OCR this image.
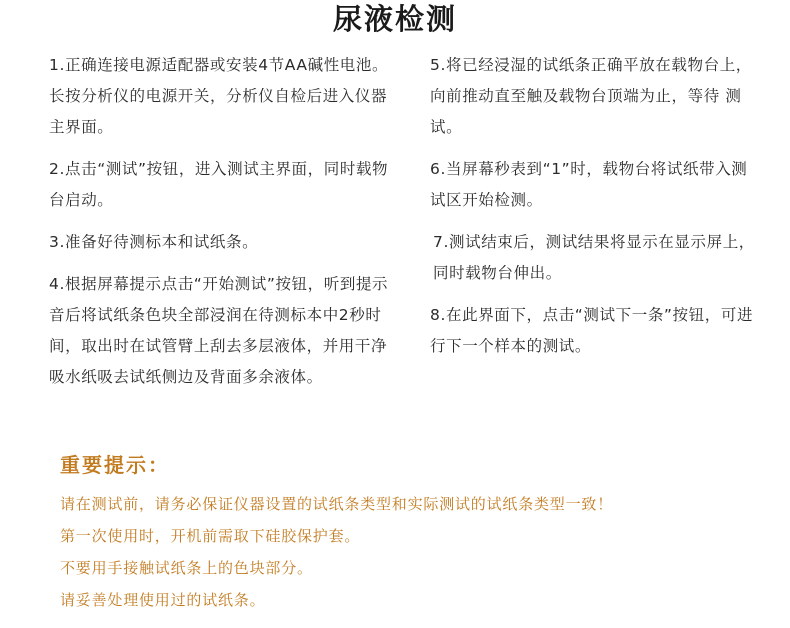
尿液检测

1.正确连接电源适配器或安装4节AA碱性电池。长按分析仪的电源开关，分析仪自检后进入仪器主界面。

2.点击“测试”按钮，进入测试主界面，同时载物台启动。

3.准备好待测标本和试纸条。

4.根据屏幕提示点击“开始测试”按钮，听到提示音后将试纸条色块全部浸润在待测标本中2秒时间，取出时在试管臂上刮去多层液体，并用干净吸水纸吸去试纸侧边及背面多余液体。

5.将已经浸湿的试纸条正确平放在载物台上，向前推动直至触及载物台顶端为止，等待 测试。

6.当屏幕秒表到“1”时，载物台将试纸带入测试区开始检测。

7.测试结束后，测试结果将显示在显示屏上，同时载物台伸出。

8.在此界面下，点击“测试下一条”按钮，可进行下一个样本的测试。

重要提示：

请在测试前，请务必保证仪器设置的试纸条类型和实际测试的试纸条类型一致！

第一次使用时，开机前需取下硅胶保护套。

不要用手接触试纸条上的色块部分。

请妥善处理使用过的试纸条。
